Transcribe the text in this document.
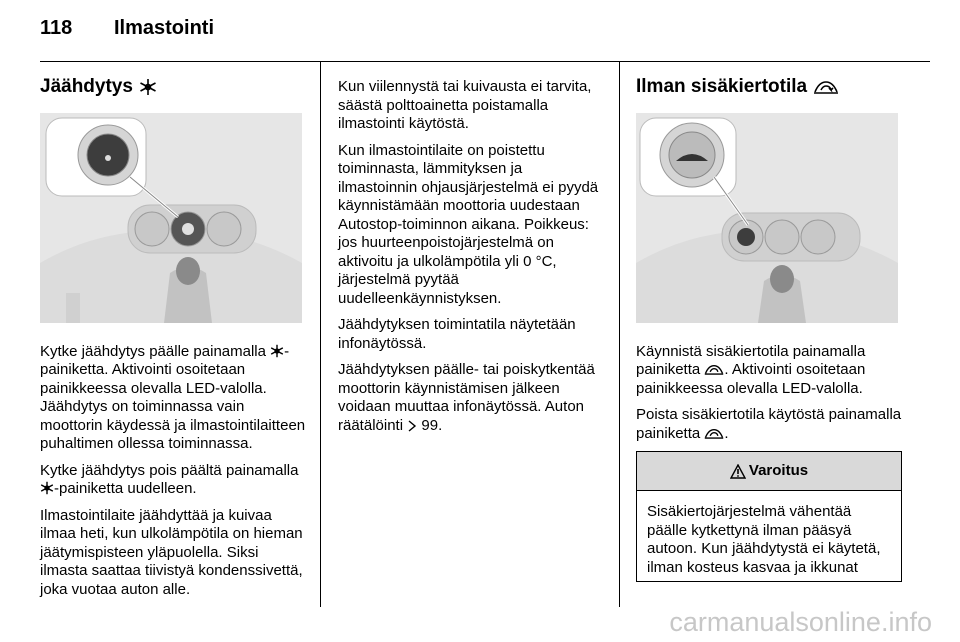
118 Ilmastointi
Jäähdytys

Kytke jäähdytys päälle painamalla -painiketta. Aktivointi osoitetaan painikkeessa olevalla LED-valolla. Jäähdytys on toiminnassa vain moottorin käydessä ja ilmastointilaitteen puhaltimen ollessa toiminnassa.

Kytke jäähdytys pois päältä painamalla -painiketta uudelleen.

Ilmastointilaite jäähdyttää ja kuivaa ilmaa heti, kun ulkolämpötila on hieman jäätymispisteen yläpuolella. Siksi ilmasta saattaa tiivistyä kondenssivettä, joka vuotaa auton alle.

Kun viilennystä tai kuivausta ei tarvita, säästä polttoainetta poistamalla ilmastointi käytöstä.

Kun ilmastointilaite on poistettu toiminnasta, lämmityksen ja ilmastoinnin ohjausjärjestelmä ei pyydä käynnistämään moottoria uudestaan Autostop-toiminnon aikana. Poikkeus: jos huurteenpoistojärjestelmä on aktivoitu ja ulkolämpötila yli 0 °C, järjestelmä pyytää uudelleenkäynnistyksen.

Jäähdytyksen toimintatila näytetään infonäytössä.

Jäähdytyksen päälle- tai poiskytkentää moottorin käynnistämisen jälkeen voidaan muuttaa infonäytössä. Auton räätälöinti  99.

Ilman sisäkiertotila

Käynnistä sisäkiertotila painamalla painiketta . Aktivointi osoitetaan painikkeessa olevalla LED-valolla.

Poista sisäkiertotila käytöstä painamalla painiketta .

Varoitus
Sisäkiertojärjestelmä vähentää päälle kytkettynä ilman pääsyä autoon. Kun jäähdytystä ei käytetä, ilman kosteus kasvaa ja ikkunat
carmanualsonline.info
